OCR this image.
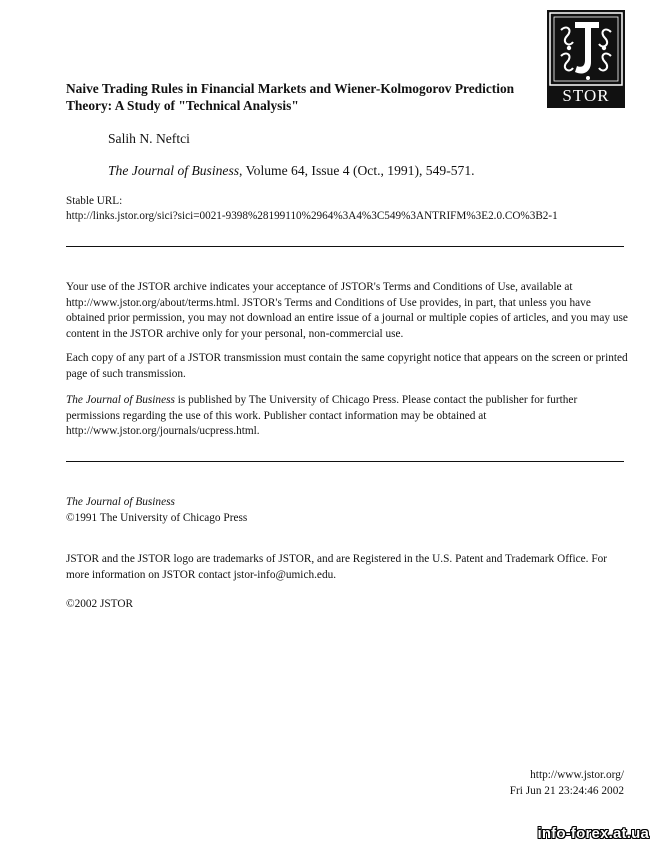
STOR
Naive Trading Rules in Financial Markets and Wiener-Kolmogorov Prediction Theory: A Study of "Technical Analysis"
Salih N. Neftci
The Journal of Business, Volume 64, Issue 4 (Oct., 1991), 549-571.
Stable URL:
http://links.jstor.org/sici?sici=0021-9398%28199110%2964%3A4%3C549%3ANTRIFM%3E2.0.CO%3B2-1
Your use of the JSTOR archive indicates your acceptance of JSTOR's Terms and Conditions of Use, available at http://www.jstor.org/about/terms.html. JSTOR's Terms and Conditions of Use provides, in part, that unless you have obtained prior permission, you may not download an entire issue of a journal or multiple copies of articles, and you may use content in the JSTOR archive only for your personal, non-commercial use.
Each copy of any part of a JSTOR transmission must contain the same copyright notice that appears on the screen or printed page of such transmission.
The Journal of Business is published by The University of Chicago Press. Please contact the publisher for further permissions regarding the use of this work. Publisher contact information may be obtained at http://www.jstor.org/journals/ucpress.html.
The Journal of Business
©1991 The University of Chicago Press
JSTOR and the JSTOR logo are trademarks of JSTOR, and are Registered in the U.S. Patent and Trademark Office. For more information on JSTOR contact jstor-info@umich.edu.
©2002 JSTOR
http://www.jstor.org/
Fri Jun 21 23:24:46 2002
info-forex.at.ua
